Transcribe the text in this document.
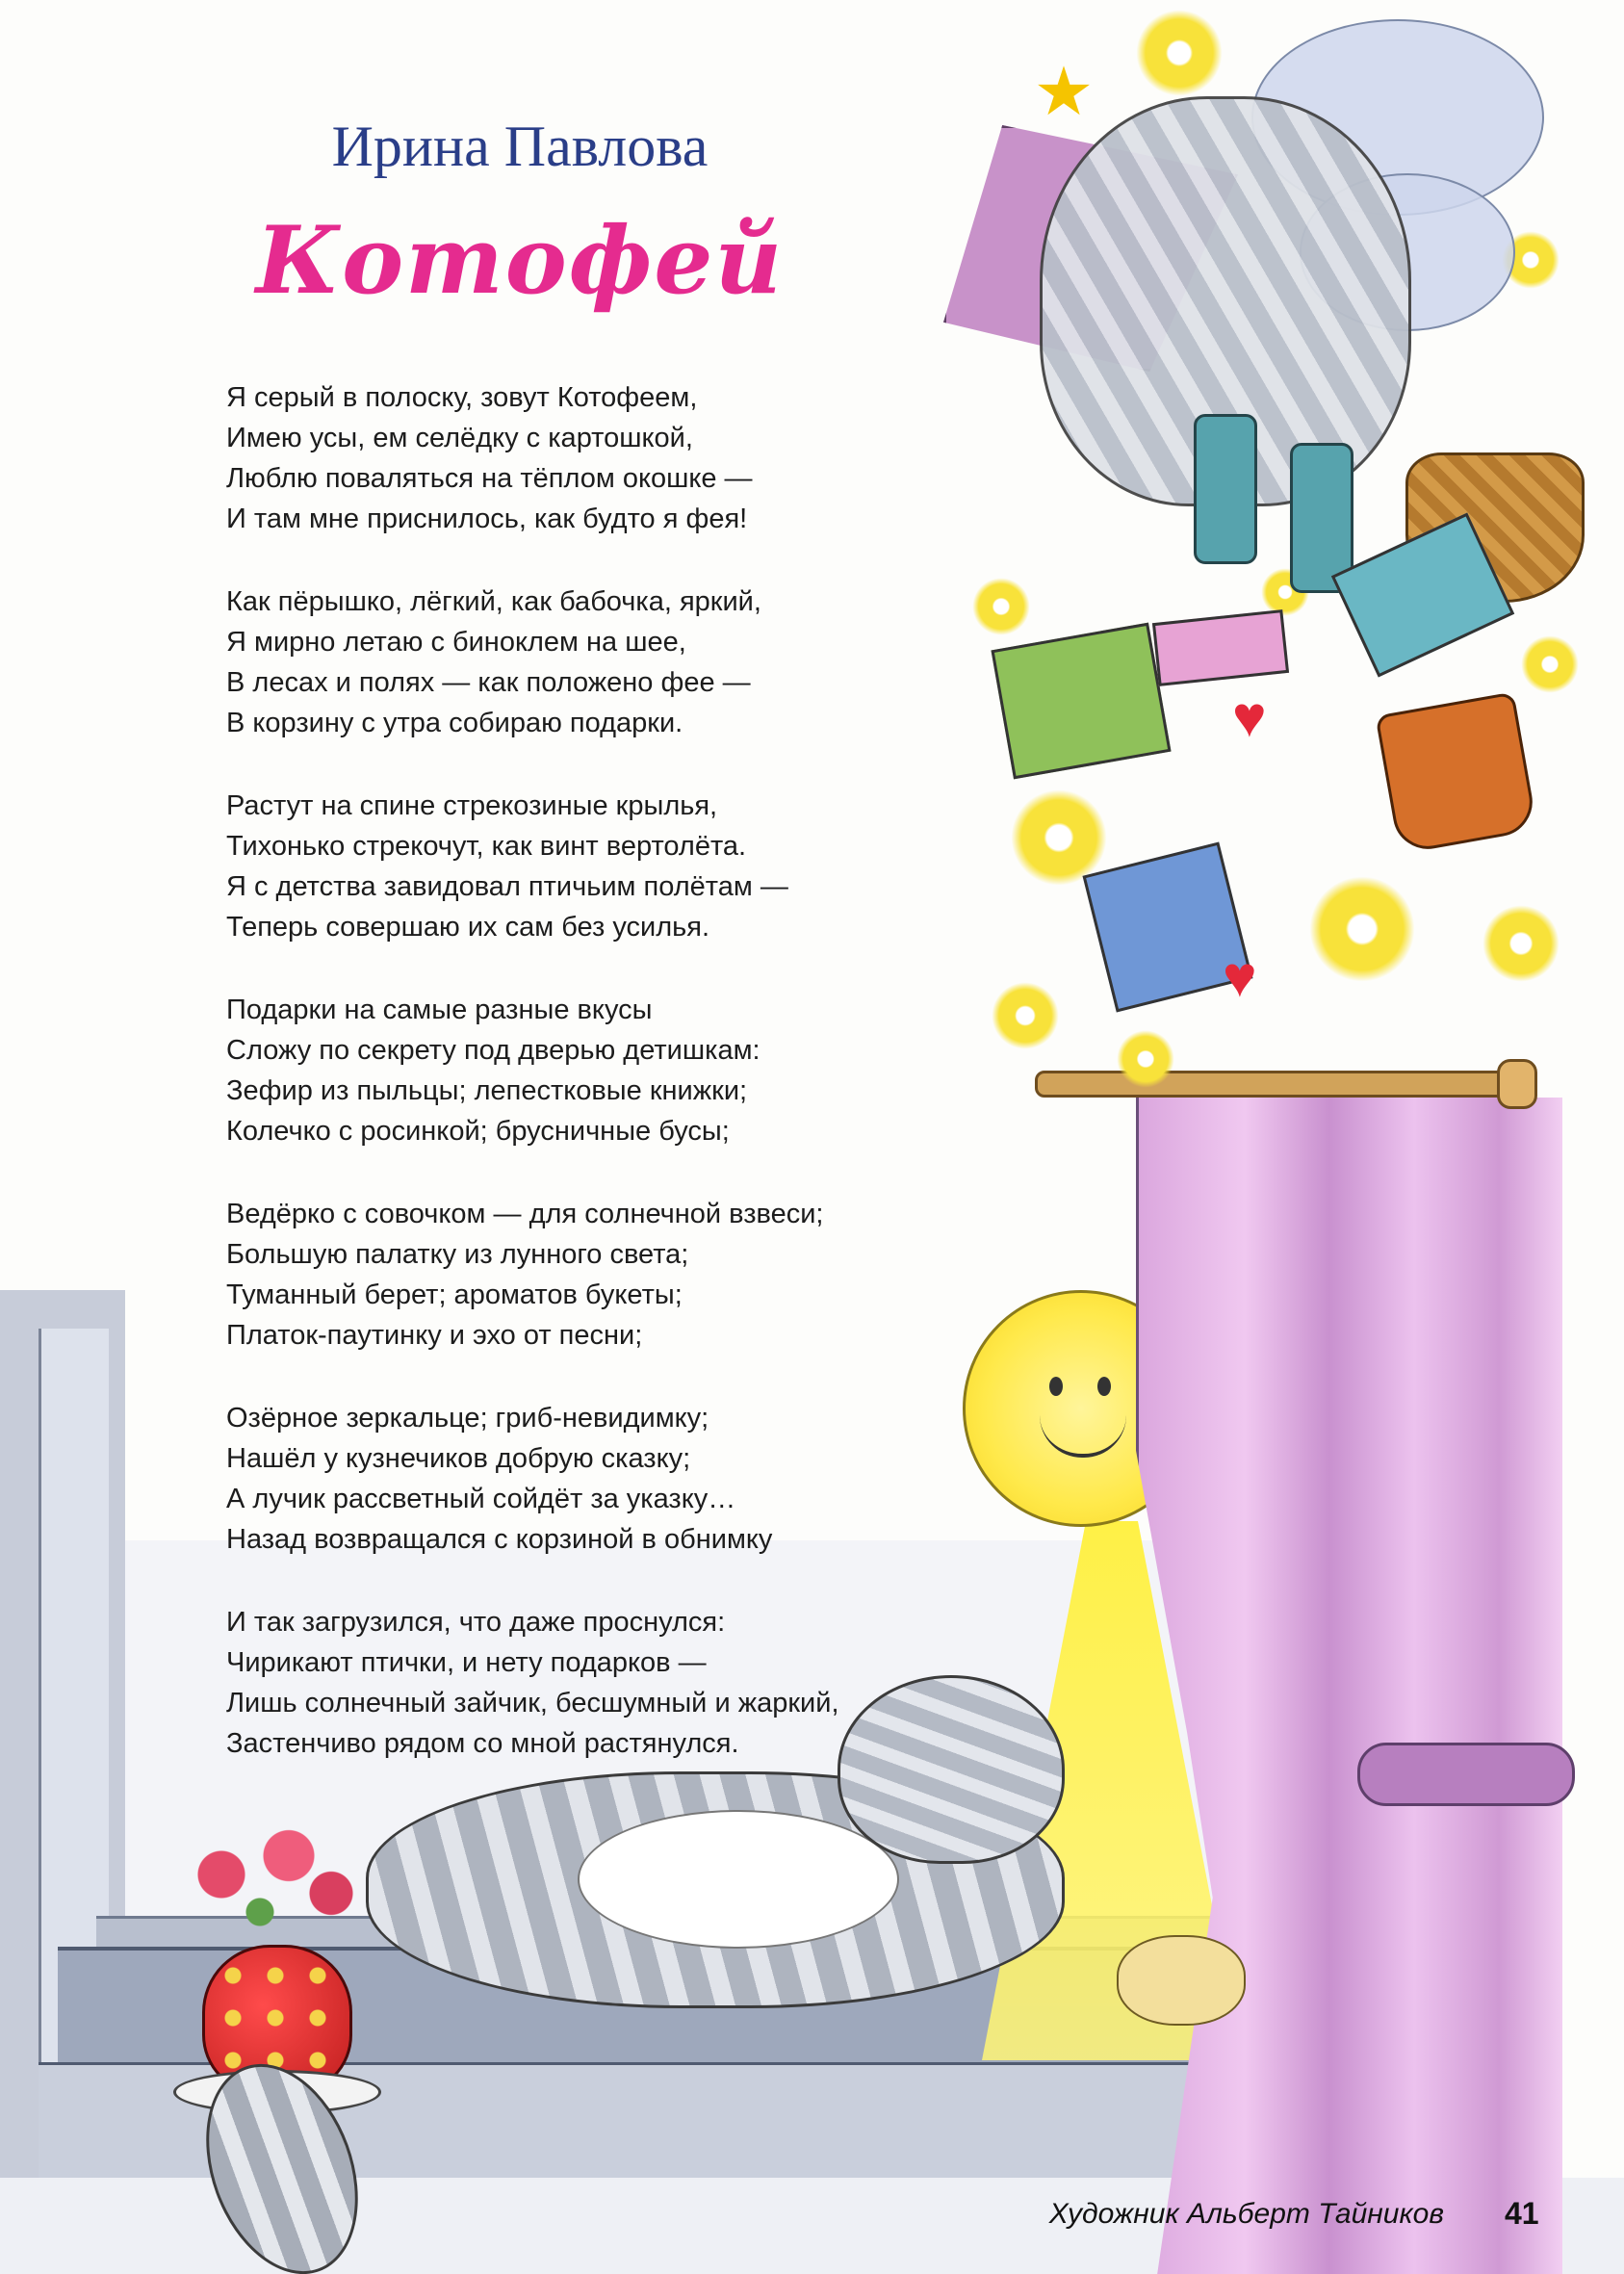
★
♥
♥
Ирина Павлова
Котофей
Я серый в полоску, зовут Котофеем,
Имею усы, ем селёдку с картошкой,
Люблю поваляться на тёплом окошке —
И там мне приснилось, как будто я фея!
Как пёрышко, лёгкий, как бабочка, яркий,
Я мирно летаю с биноклем на шее,
В лесах и полях — как положено фее —
В корзину с утра собираю подарки.
Растут на спине стрекозиные крылья,
Тихонько стрекочут, как винт вертолёта.
Я с детства завидовал птичьим полётам —
Теперь совершаю их сам без усилья.
Подарки на самые разные вкусы
Сложу по секрету под дверью детишкам:
Зефир из пыльцы; лепестковые книжки;
Колечко с росинкой; брусничные бусы;
Ведёрко с совочком — для солнечной взвеси;
Большую палатку из лунного света;
Туманный берет; ароматов букеты;
Платок-паутинку и эхо от песни;
Озёрное зеркальце; гриб-невидимку;
Нашёл у кузнечиков добрую сказку;
А лучик рассветный сойдёт за указку…
Назад возвращался с корзиной в обнимку
И так загрузился, что даже проснулся:
Чирикают птички, и нету подарков —
Лишь солнечный зайчик, бесшумный и жаркий,
Застенчиво рядом со мной растянулся.
Художник Альберт Тайников 41
